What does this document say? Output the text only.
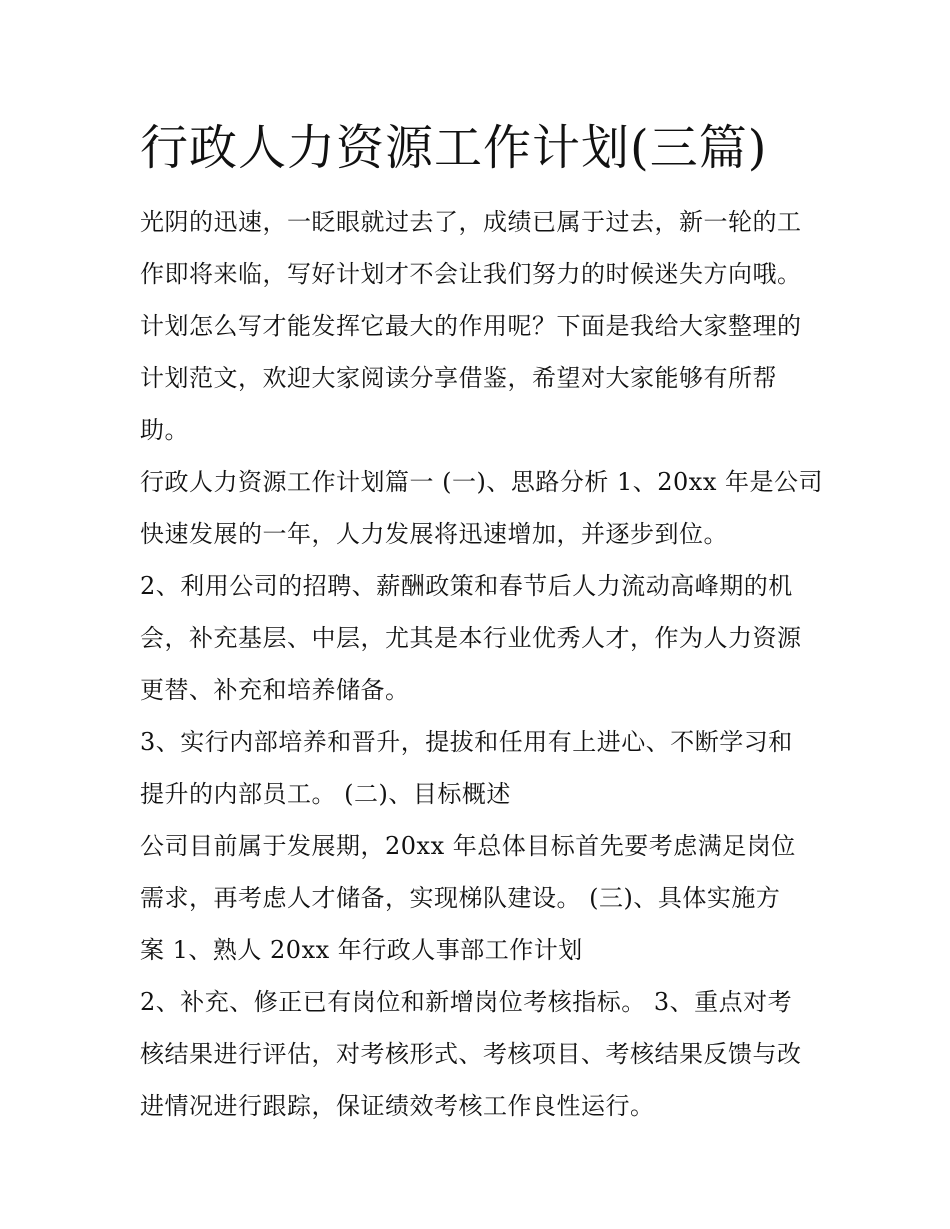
行政人力资源工作计划(三篇)
光阴的迅速，一眨眼就过去了，成绩已属于过去，新一轮的工
作即将来临，写好计划才不会让我们努力的时候迷失方向哦。
计划怎么写才能发挥它最大的作用呢？下面是我给大家整理的
计划范文，欢迎大家阅读分享借鉴，希望对大家能够有所帮
助。
行政人力资源工作计划篇一 (一)、思路分析 1、20xx 年是公司
快速发展的一年，人力发展将迅速增加，并逐步到位。
2、利用公司的招聘、薪酬政策和春节后人力流动高峰期的机
会，补充基层、中层，尤其是本行业优秀人才，作为人力资源
更替、补充和培养储备。
3、实行内部培养和晋升，提拔和任用有上进心、不断学习和
提升的内部员工。 (二)、目标概述
公司目前属于发展期，20xx 年总体目标首先要考虑满足岗位
需求，再考虑人才储备，实现梯队建设。 (三)、具体实施方
案 1、熟人 20xx 年行政人事部工作计划
2、补充、修正已有岗位和新增岗位考核指标。 3、重点对考
核结果进行评估，对考核形式、考核项目、考核结果反馈与改
进情况进行跟踪，保证绩效考核工作良性运行。
